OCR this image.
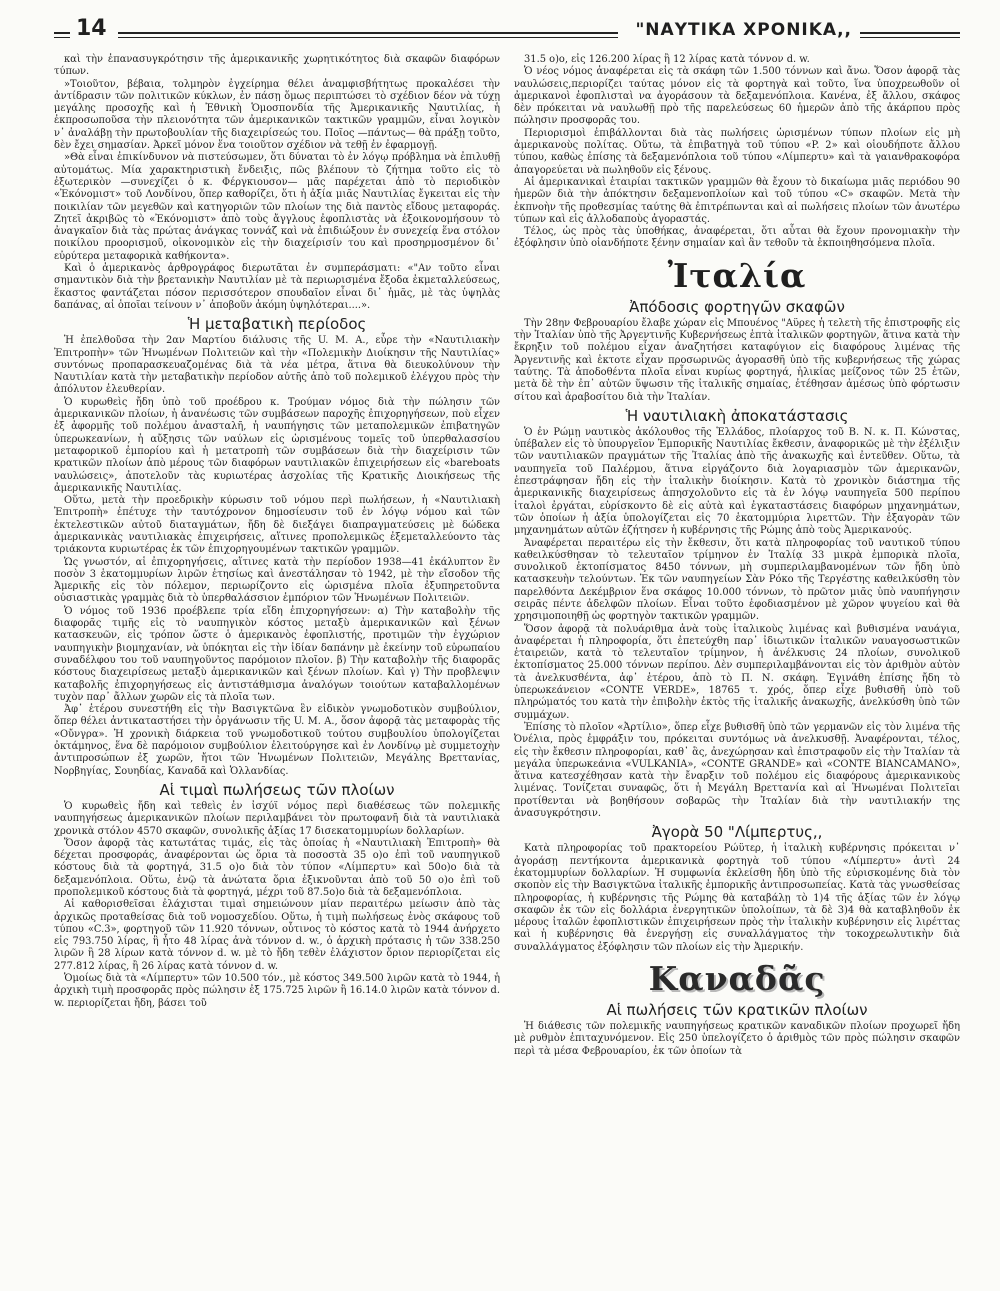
14	"ΝΑΥΤΙΚΑ ΧΡΟΝΙΚΑ,,

καὶ τὴν ἐπανασυγκρότησιν τῆς ἀμερικανικῆς χωρητικότητος διὰ σκαφῶν διαφόρων τύπων.

»Τοιοῦτον, βέβαια, τολμηρὸν ἐγχείρημα θέλει ἀναμφισβήτητως προκαλέσει τὴν ἀντίδρασιν τῶν πολιτικῶν κύκλων, ἐν πάσῃ ὅμως περιπτώσει τὸ σχέδιον δέον νὰ τύχῃ μεγάλης προσοχῆς καὶ ἡ Ἐθνικὴ Ὁμοσπονδία τῆς Ἀμερικανικῆς Ναυτιλίας, ἡ ἐκπροσωποῦσα τὴν πλειονότητα τῶν ἀμερικανικῶν τακτικῶν γραμμῶν, εἶναι λογικὸν ν᾽ ἀναλάβῃ τὴν πρωτοβουλίαν τῆς διαχειρίσεώς του. Ποῖος —πάντως— θὰ πράξῃ τοῦτο, δὲν ἔχει σημασίαν. Ἀρκεῖ μόνον ἕνα τοιοῦτον σχέδιον νὰ τεθῇ ἐν ἐφαρμογῇ.

»Θὰ εἶναι ἐπικίνδυνον νὰ πιστεύσωμεν, ὅτι δύναται τὸ ἐν λόγῳ πρόβλημα νὰ ἐπιλυθῇ αὐτομάτως. Μία χαρακτηριστικὴ ἔνδειξις, πῶς βλέπουν τὸ ζήτημα τοῦτο εἰς τὸ ἐξωτερικὸν —συνεχίζει ὁ κ. Φέργκιουσον— μᾶς παρέχεται ἀπὸ τὸ περιοδικὸν «Ἐκόνομιστ» τοῦ Λονδίνου, ὅπερ καθορίζει, ὅτι ἡ ἀξία μιᾶς Ναυτιλίας ἔγκειται εἰς τὴν ποικιλίαν τῶν μεγεθῶν καὶ κατηγοριῶν τῶν πλοίων της διὰ παντὸς εἴδους μεταφοράς. Ζητεῖ ἀκριβῶς τὸ «Ἐκόνομιστ» ἀπὸ τοὺς ἄγγλους ἐφοπλιστὰς νὰ ἐξοικονομήσουν τὸ ἀναγκαῖον διὰ τὰς πρώτας ἀνάγκας τοννάζ καὶ νὰ ἐπιδιώξουν ἐν συνεχείᾳ ἕνα στόλον ποικίλου προορισμοῦ, οἰκονομικὸν εἰς τὴν διαχείρισίν του καὶ προσηρμοσμένον δι᾽ εὐρύτερα μεταφορικὰ καθήκοντα».

Καὶ ὁ ἀμερικανὸς ἀρθρογράφος διερωτᾶται ἐν συμπεράσματι: «"Αν τοῦτο εἶναι σημαντικὸν διὰ τὴν βρετανικὴν Ναυτιλίαν μὲ τὰ περιωρισμένα ἔξοδα ἐκμεταλλεύσεως, ἕκαστος φαντάζεται πόσον περισσότερον σπουδαῖον εἶναι δι᾽ ἡμᾶς, μὲ τὰς ὑψηλὰς δαπάνας, αἱ ὁποῖαι τείνουν ν᾽ ἀποβοῦν ἀκόμη ὑψηλότεραι....».

Ἡ μεταβατικὴ περίοδος

Ἡ ἐπελθοῦσα τὴν 2αν Μαρτίου διάλυσις τῆς U. M. A., εὗρε τὴν «Ναυτιλιακὴν Ἐπιτροπὴν» τῶν Ἡνωμένων Πολιτειῶν καὶ τὴν «Πολεμικὴν Διοίκησιν τῆς Ναυτιλίας» συντόνως προπαρασκευαζομένας διὰ τὰ νέα μέτρα, ἅτινα θὰ διευκολύνουν τὴν Ναυτιλίαν κατὰ τὴν μεταβατικὴν περίοδον αὐτῆς ἀπὸ τοῦ πολεμικοῦ ἐλέγχου πρὸς τὴν ἀπόλυτον ἐλευθερίαν.

Ὁ κυρωθεὶς ἤδη ὑπὸ τοῦ προέδρου κ. Τρούμαν νόμος διὰ τὴν πώλησιν τῶν ἀμερικανικῶν πλοίων, ἡ ἀνανέωσις τῶν συμβάσεων παροχῆς ἐπιχορηγήσεων, ποὺ εἶχεν ἐξ ἀφορμῆς τοῦ πολέμου ἀνασταλῆ, ἡ ναυπήγησις τῶν μεταπολεμικῶν ἐπιβατηγῶν ὑπερωκεανίων, ἡ αὔξησις τῶν ναύλων εἰς ὡρισμένους τομεῖς τοῦ ὑπερθαλασσίου μεταφορικοῦ ἐμπορίου καὶ ἡ μετατροπὴ τῶν συμβάσεων διὰ τὴν διαχείρισιν τῶν κρατικῶν πλοίων ἀπὸ μέρους τῶν διαφόρων ναυτιλιακῶν ἐπιχειρήσεων εἰς «bareboats ναυλώσεις», ἀποτελοῦν τὰς κυριωτέρας ἀσχολίας τῆς Κρατικῆς Διοικήσεως τῆς ἀμερικανικῆς Ναυτιλίας.

Οὕτω, μετὰ τὴν προεδρικὴν κύρωσιν τοῦ νόμου περὶ πωλήσεων, ἡ «Ναυτιλιακὴ Ἐπιτροπὴ» ἐπέτυχε τὴν ταυτόχρονον δημοσίευσιν τοῦ ἐν λόγῳ νόμου καὶ τῶν ἐκτελεστικῶν αὐτοῦ διαταγμάτων, ἤδη δὲ διεξάγει διαπραγματεύσεις μὲ δώδεκα ἀμερικανικὰς ναυτιλιακὰς ἐπιχειρήσεις, αἵτινες προπολεμικῶς ἐξεμεταλλεύοντο τὰς τριάκοντα κυριωτέρας ἐκ τῶν ἐπιχορηγουμένων τακτικῶν γραμμῶν.

Ὡς γνωστόν, αἱ ἐπιχορηγήσεις, αἵτινες κατὰ τὴν περίοδον 1938—41 ἐκάλυπτον ἓν ποσὸν 3 ἑκατομμυρίων λιρῶν ἐτησίως καὶ ἀνεστάλησαν τὸ 1942, μὲ τὴν εἴσοδον τῆς Ἀμερικῆς εἰς τὸν πόλεμον, περιωρίζοντο εἰς ὡρισμένα πλοῖα ἐξυπηρετοῦντα οὐσιαστικὰς γραμμὰς διὰ τὸ ὑπερθαλάσσιον ἐμπόριον τῶν Ἡνωμένων Πολιτειῶν.

Ὁ νόμος τοῦ 1936 προέβλεπε τρία εἴδη ἐπιχορηγήσεων: α) Τὴν καταβολὴν τῆς διαφορᾶς τιμῆς εἰς τὸ ναυπηγικὸν κόστος μεταξὺ ἀμερικανικῶν καὶ ξένων κατασκευῶν, εἰς τρόπον ὥστε ὁ ἀμερικανὸς ἐφοπλιστής, προτιμῶν τὴν ἐγχώριον ναυπηγικὴν βιομηχανίαν, νὰ ὑπόκηται εἰς τὴν ἰδίαν δαπάνην μὲ ἐκείνην τοῦ εὐρωπαίου συναδέλφου του τοῦ ναυπηγοῦντος παρόμοιον πλοῖον. β) Τὴν καταβολὴν τῆς διαφορᾶς κόστους διαχειρίσεως μεταξὺ ἀμερικανικῶν καὶ ξένων πλοίων. Καὶ γ) Τὴν προβλεψιν καταβολῆς ἐπιχορηγήσεως εἰς ἀντιστάθμισμα ἀναλόγων τοιούτων καταβαλλομένων τυχὸν παρ᾽ ἄλλων χωρῶν εἰς τὰ πλοῖα των.

Ἀφ᾽ ἑτέρου συνεστήθη εἰς τὴν Βασιγκτῶνα ἓν εἰδικὸν γνωμοδοτικὸν συμβούλιον, ὅπερ θέλει ἀντικαταστήσει τὴν ὀργάνωσιν τῆς U. M. A., ὅσον ἀφορᾷ τὰς μεταφορὰς τῆς «Οὔνγρα». Ἡ χρονικὴ διάρκεια τοῦ γνωμοδοτικοῦ τούτου συμβουλίου ὑπολογίζεται ὀκτάμηνος, ἕνα δὲ παρόμοιον συμβούλιον ἐλειτούργησε καὶ ἐν Λονδίνῳ μὲ συμμετοχὴν ἀντιπροσώπων ἐξ χωρῶν, ἤτοι τῶν Ἡνωμένων Πολιτειῶν, Μεγάλης Βρεττανίας, Νορβηγίας, Σουηδίας, Καναδᾶ καὶ Ὁλλανδίας.

Αἱ τιμαὶ πωλήσεως τῶν πλοίων

Ὁ κυρωθεὶς ἤδη καὶ τεθεὶς ἐν ἰσχύϊ νόμος περὶ διαθέσεως τῶν πολεμικῆς ναυπηγήσεως ἀμερικανικῶν πλοίων περιλαμβάνει τὸν πρωτοφανῆ διὰ τὰ ναυτιλιακὰ χρονικὰ στόλον 4570 σκαφῶν, συνολικῆς ἀξίας 17 δισεκατομμυρίων δολλαρίων.

Ὅσον ἀφορᾷ τὰς κατωτάτας τιμάς, εἰς τὰς ὁποίας ἡ «Ναυτιλιακὴ Ἐπιτροπὴ» θὰ δέχεται προσφοράς, ἀναφέρονται ὡς ὅρια τὰ ποσοστὰ 35 ο)ο ἐπὶ τοῦ ναυπηγικοῦ κόστους διὰ τὰ φορτηγά, 31.5 ο)ο διὰ τὸν τύπον «Λίμπερτυ» καὶ 50ο)ο διὰ τὰ δεξαμενόπλοια. Οὕτω, ἐνῷ τὰ ἀνώτατα ὅρια ἐξικνοῦνται ἀπὸ τοῦ 50 ο)ο ἐπὶ τοῦ προπολεμικοῦ κόστους διὰ τὰ φορτηγά, μέχρι τοῦ 87.5ο)ο διὰ τὰ δεξαμενόπλοια.

Αἱ καθορισθεῖσαι ἐλάχισται τιμαὶ σημειώνουν μίαν περαιτέρω μείωσιν ἀπὸ τὰς ἀρχικῶς προταθείσας διὰ τοῦ νομοσχεδίου. Οὕτω, ἡ τιμὴ πωλήσεως ἑνὸς σκάφους τοῦ τύπου «C.3», φορτηγοῦ τῶν 11.920 τόννων, οὗτινος τὸ κόστος κατὰ τὸ 1944 ἀνήρχετο εἰς 793.750 λίρας, ἢ ἧτο 48 λίρας ἀνὰ τόννον d. w., ὁ ἀρχικὴ πρότασις ἡ τῶν 338.250 λιρῶν ἢ 28 λίρων κατὰ τόννον d. w. μὲ τὸ ἤδη τεθὲν ἐλάχιστον ὅριον περιορίζεται εἰς 277.812 λίρας, ἢ 26 λίρας κατὰ τόννον d. w.

Ὁμοίως διὰ τὰ «Λίμπερτυ» τῶν 10.500 τόν., μὲ κόστος 349.500 λιρῶν κατὰ τὸ 1944, ἡ ἀρχικὴ τιμὴ προσφορᾶς πρὸς πώλησιν ἐξ 175.725 λιρῶν ἢ 16.14.0 λιρῶν κατὰ τόννον d. w. περιορίζεται ἤδη, βάσει τοῦ

31.5 ο)ο, εἰς 126.200 λίρας ἢ 12 λίρας κατὰ τόννον d. w.

Ὁ νέος νόμος ἀναφέρεται εἰς τὰ σκάφη τῶν 1.500 τόννων καὶ ἄνω. Ὅσον ἀφορᾷ τὰς ναυλώσεις,περιορίζει ταύτας μόνον εἰς τὰ φορτηγὰ καὶ τοῦτο, ἵνα ὑποχρεωθοῦν οἱ ἀμερικανοὶ ἐφοπλισταὶ να ἀγοράσουν τὰ δεξαμενόπλοια. Κανένα, ἐξ ἄλλου, σκάφος δὲν πρόκειται νὰ ναυλωθῇ πρὸ τῆς παρελεύσεως 60 ἡμερῶν ἀπὸ τῆς ἀκάρπου πρὸς πώλησιν προσφορᾶς του.

Περιορισμοὶ ἐπιβάλλονται διὰ τὰς πωλήσεις ὡρισμένων τύπων πλοίων εἰς μὴ ἀμερικανοὺς πολίτας. Οὕτω, τὰ ἐπιβατηγὰ τοῦ τύπου «P. 2» καὶ οἱουδήποτε ἄλλου τύπου, καθὼς ἐπίσης τὰ δεξαμενόπλοια τοῦ τύπου «Λίμπερτυ» καὶ τὰ γαιανθρακοφόρα ἀπαγορεύεται νὰ πωληθοῦν εἰς ξένους.

Αἱ ἀμερικανικαὶ ἑταιρίαι τακτικῶν γραμμῶν θὰ ἔχουν τὸ δικαίωμα μιᾶς περιόδου 90 ἡμερῶν διὰ τὴν ἀπόκτησιν δεξαμενοπλοίων καὶ τοῦ τύπου «C» σκαφῶν. Μετὰ τὴν ἐκπνοὴν τῆς προθεσμίας ταύτης θὰ ἐπιτρέπωνται καὶ αἱ πωλήσεις πλοίων τῶν ἀνωτέρω τύπων καὶ εἰς ἀλλοδαποὺς ἀγοραστάς.

Τέλος, ὡς πρὸς τὰς ὑποθήκας, ἀναφέρεται, ὅτι αὗται θὰ ἔχουν προνομιακὴν τὴν ἐξόφλησιν ὑπὸ οἱανδήποτε ξένην σημαίαν καὶ ἂν τεθοῦν τὰ ἐκποιηθησόμενα πλοῖα.

Ἰταλία
Ἀπόδοσις φορτηγῶν σκαφῶν

Τὴν 28ην Φεβρουαρίου ἔλαβε χώραν εἰς Μπουένος "Αϋρες ἡ τελετὴ τῆς ἐπιστροφῆς εἰς τὴν Ἰταλίαν ὑπὸ τῆς Ἀργεντινῆς Κυβερνήσεως ἑπτὰ ἰταλικῶν φορτηγῶν, ἅτινα κατὰ τὴν ἔκρηξιν τοῦ πολέμου εἶχαν ἀναζητήσει καταφύγιον εἰς διαφόρους λιμένας τῆς Ἀργεντινῆς καὶ ἐκτοτε εἶχαν προσωρινῶς ἀγορασθῆ ὑπὸ τῆς κυβερνήσεως τῆς χώρας ταύτης. Τὰ ἀποδοθέντα πλοῖα εἶναι κυρίως φορτηγά, ἡλικίας μείζονος τῶν 25 ἐτῶν, μετὰ δὲ τὴν ἐπ᾽ αὐτῶν ὕψωσιν τῆς ἰταλικῆς σημαίας, ἐτέθησαν ἀμέσως ὑπὸ φόρτωσιν σίτου καὶ ἀραβοσίτου διὰ τὴν Ἰταλίαν.

Ἡ ναυτιλιακὴ ἀποκατάστασις

Ὁ ἐν Ρώμῃ ναυτικὸς ἀκόλουθος τῆς Ἑλλάδος, πλοίαρχος τοῦ Β. Ν. κ. Π. Κώνστας, ὑπέβαλεν εἰς τὸ ὑπουργεῖον Ἐμπορικῆς Ναυτιλίας ἔκθεσιν, ἀναφορικῶς μὲ τὴν ἐξέλιξιν τῶν ναυτιλιακῶν πραγμάτων τῆς Ἰταλίας ἀπὸ τῆς ἀνακωχῆς καὶ ἐντεῦθεν. Οὕτω, τὰ ναυπηγεῖα τοῦ Παλέρμου, ἅτινα εἰργάζοντο διὰ λογαριασμὸν τῶν ἀμερικανῶν, ἐπεστράφησαν ἤδη εἰς τὴν ἰταλικὴν διοίκησιν. Κατὰ τὸ χρονικὸν διάστημα τῆς ἀμερικανικῆς διαχειρίσεως ἀπησχολοῦντο εἰς τὰ ἐν λόγῳ ναυπηγεῖα 500 περίπου ἰταλοὶ ἐργάται, εὑρίσκοντο δὲ εἰς αὐτὰ καὶ ἐγκαταστάσεις διαφόρων μηχανημάτων, τῶν ὁποίων ἡ ἀξία ὑπολογίζεται εἰς 70 ἑκατομμύρια λιρεττῶν. Τὴν ἐξαγορὰν τῶν μηχανημάτων αὐτῶν ἐζήτησεν ἡ κυβέρνησις τῆς Ρώμης ἀπὸ τοὺς Ἀμερικανούς.

Ἀναφέρεται περαιτέρω εἰς τὴν ἔκθεσιν, ὅτι κατὰ πληροφορίας τοῦ ναυτικοῦ τύπου καθειλκύσθησαν τὸ τελευταῖον τρίμηνον ἐν Ἰταλίᾳ 33 μικρὰ ἐμπορικὰ πλοῖα, συνολικοῦ ἐκτοπίσματος 8450 τόννων, μὴ συμπεριλαμβανομένων τῶν ἤδη ὑπὸ κατασκευὴν τελούντων. Ἐκ τῶν ναυπηγείων Σὰν Ρόκο τῆς Τεργέστης καθειλκύσθη τὸν παρελθόντα Δεκέμβριον ἕνα σκάφος 10.000 τόννων, τὸ πρῶτον μιᾶς ὑπὸ ναυπήγησιν σειρᾶς πέντε ἀδελφῶν πλοίων. Εἶναι τοῦτο ἐφοδιασμένον μὲ χῶρον ψυγείου καὶ θὰ χρησιμοποιηθῇ ὡς φορτηγὸν τακτικῶν γραμμῶν.

Ὅσον ἀφορᾷ τὰ πολυάριθμα ἀνὰ τοὺς ἰταλικοὺς λιμένας καὶ βυθισμένα ναυάγια, ἀναφέρεται ἡ πληροφορία, ὅτι ἐπετεύχθη παρ᾽ ἰδιωτικῶν ἰταλικῶν ναυαγοσωστικῶν ἑταιρειῶν, κατὰ τὸ τελευταῖον τρίμηνον, ἡ ἀνέλκυσις 24 πλοίων, συνολικοῦ ἐκτοπίσματος 25.000 τόννων περίπου. Δὲν συμπεριλαμβάνονται εἰς τὸν ἀριθμὸν αὐτὸν τὰ ἀνελκυσθέντα, ἀφ᾽ ἑτέρου, ἀπὸ τὸ Π. Ν. σκάφη. Ἐγινάθη ἐπίσης ἤδη τὸ ὑπερωκεάνειον «CONTE VERDE», 18765 τ. χρός, ὅπερ εἶχε βυθισθῆ ὑπὸ τοῦ πληρώματός του κατὰ τὴν ἐπιβολὴν ἐκτὸς τῆς ἰταλικῆς ἀνακωχῆς, ἀνελκύσθη ὑπὸ τῶν συμμάχων.

Ἐπίσης τὸ πλοῖον «Ἀρτίλιο», ὅπερ εἶχε βυθισθῆ ὑπὸ τῶν γερμανῶν εἰς τὸν λιμένα τῆς Ὀνέλια, πρὸς ἐμφράξιν του, πρόκειται συντόμως νὰ ἀνελκυσθῇ. Ἀναφέρονται, τέλος, εἰς τὴν ἔκθεσιν πληροφορίαι, καθ᾽ ἃς, ἀνεχώρησαν καὶ ἐπιστραφοῦν εἰς τὴν Ἰταλίαν τὰ μεγάλα ὑπερωκεάνια «VULKANIA», «CONTE GRANDE» καὶ «CONTE BIANCAMANO», ἅτινα κατεσχέθησαν κατὰ τὴν ἔναρξιν τοῦ πολέμου εἰς διαφόρους ἀμερικανικοὺς λιμένας. Τονίζεται συναφῶς, ὅτι ἡ Μεγάλη Βρεττανία καὶ αἱ Ἡνωμέναι Πολιτεῖαι προτίθενται νὰ βοηθήσουν σοβαρῶς τὴν Ἰταλίαν διὰ τὴν ναυτιλιακήν της ἀνασυγκρότησιν.

Ἀγορὰ 50 "Λίμπερτυς,,

Κατὰ πληροφορίας τοῦ πρακτορείου Ρώϋτερ, ἡ ἰταλικὴ κυβέρνησις πρόκειται ν᾽ ἀγοράσῃ πεντήκοντα ἀμερικανικὰ φορτηγὰ τοῦ τύπου «Λίμπερτυ» ἀντὶ 24 ἑκατομμυρίων δολλαρίων. Ἡ συμφωνία ἐκλείσθη ἤδη ὑπὸ τῆς εὐρισκομένης διὰ τὸν σκοπὸν εἰς τὴν Βασιγκτῶνα ἰταλικῆς ἐμπορικῆς ἀντιπροσωπείας. Κατὰ τὰς γνωσθείσας πληροφορίας, ἡ κυβέρνησις τῆς Ρώμης θὰ καταβάλῃ τὸ 1)4 τῆς ἀξίας τῶν ἐν λόγῳ σκαφῶν ἐκ τῶν εἰς δολλάρια ἐνεργητικῶν ὑπολοίπων, τὰ δὲ 3)4 θὰ καταβληθοῦν ἐκ μέρους ἰταλῶν ἐφοπλιστικῶν ἐπιχειρήσεων πρὸς τὴν ἰταλικὴν κυβέρνησιν εἰς λιρέττας καὶ ἡ κυβέρνησις θὰ ἐνεργήσῃ εἰς συναλλάγματος τὴν τοκοχρεωλυτικὴν διὰ συναλλάγματος ἐξόφλησιν τῶν πλοίων εἰς τὴν Ἀμερικήν.

Καναδᾶς
Αἱ πωλήσεις τῶν κρατικῶν πλοίων

Ἡ διάθεσις τῶν πολεμικῆς ναυπηγήσεως κρατικῶν καναδικῶν πλοίων προχωρεῖ ἤδη μὲ ρυθμὸν ἐπιταχυνόμενον. Εἰς 250 ὑπελογίζετο ὁ ἀριθμὸς τῶν πρὸς πώλησιν σκαφῶν περὶ τὰ μέσα Φεβρουαρίου, ἐκ τῶν ὁποίων τὰ
